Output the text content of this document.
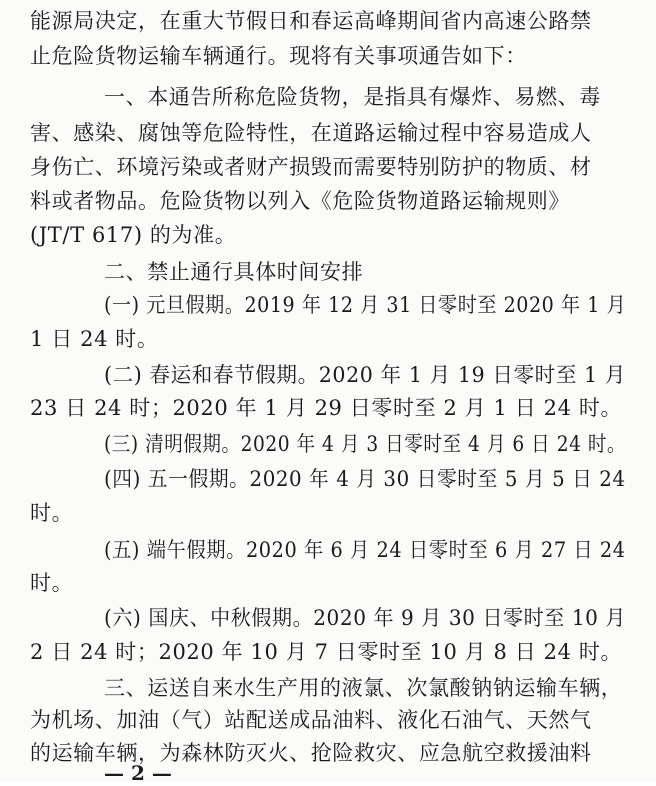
能源局决定，在重大节假日和春运高峰期间省内高速公路禁
止危险货物运输车辆通行。现将有关事项通告如下：
一、本通告所称危险货物，是指具有爆炸、易燃、毒
害、感染、腐蚀等危险特性，在道路运输过程中容易造成人
身伤亡、环境污染或者财产损毁而需要特别防护的物质、材
料或者物品。危险货物以列入《危险货物道路运输规则》
(JT/T 617) 的为准。
二、禁止通行具体时间安排
(一) 元旦假期。2019 年 12 月 31 日零时至 2020 年 1 月
1 日 24 时。
(二) 春运和春节假期。2020 年 1 月 19 日零时至 1 月
23 日 24 时；2020 年 1 月 29 日零时至 2 月 1 日 24 时。
(三) 清明假期。2020 年 4 月 3 日零时至 4 月 6 日 24 时。
(四) 五一假期。2020 年 4 月 30 日零时至 5 月 5 日 24
时。
(五) 端午假期。2020 年 6 月 24 日零时至 6 月 27 日 24
时。
(六) 国庆、中秋假期。2020 年 9 月 30 日零时至 10 月
2 日 24 时；2020 年 10 月 7 日零时至 10 月 8 日 24 时。
三、运送自来水生产用的液氯、次氯酸钠钠运输车辆，
为机场、加油（气）站配送成品油料、液化石油气、天然气
的运输车辆，为森林防灭火、抢险救灾、应急航空救援油料
— 2 —
